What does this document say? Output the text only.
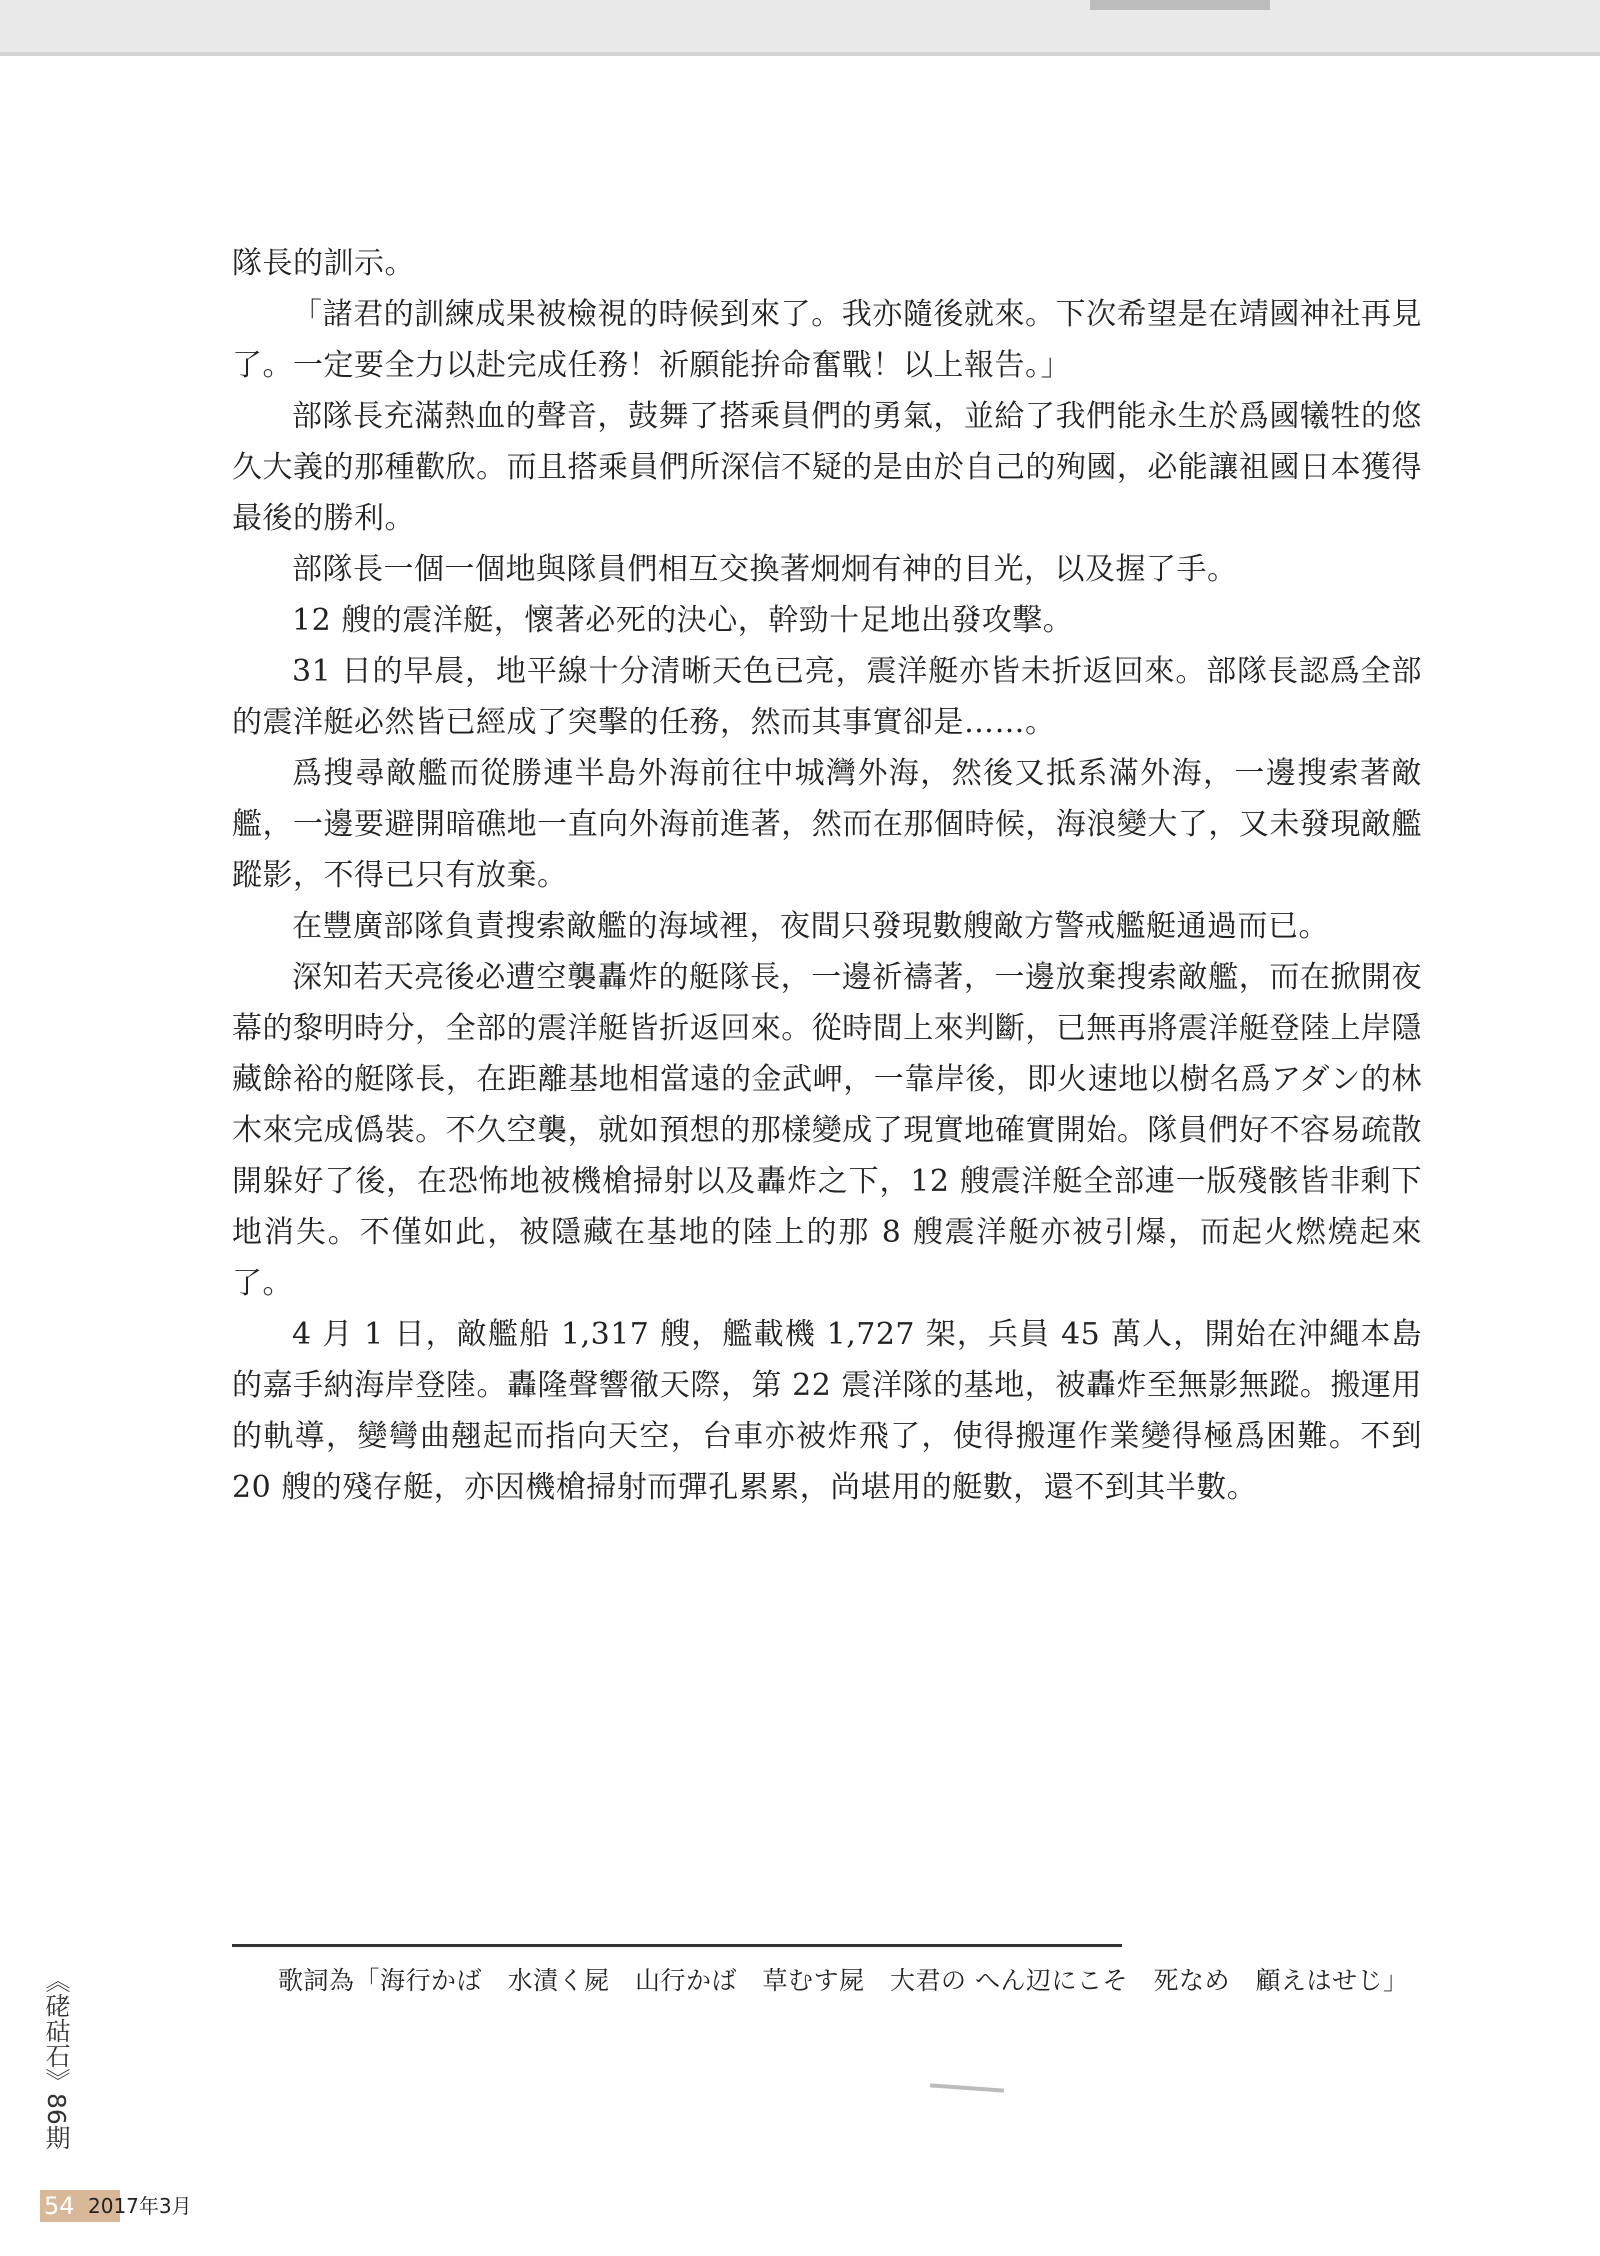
隊長的訓示。

「諸君的訓練成果被檢視的時候到來了。我亦隨後就來。下次希望是在靖國神社再見了。一定要全力以赴完成任務！祈願能拚命奮戰！以上報告。」

部隊長充滿熱血的聲音，鼓舞了搭乘員們的勇氣，並給了我們能永生於爲國犧牲的悠久大義的那種歡欣。而且搭乘員們所深信不疑的是由於自己的殉國，必能讓祖國日本獲得最後的勝利。

部隊長一個一個地與隊員們相互交換著炯炯有神的目光，以及握了手。

12 艘的震洋艇，懷著必死的決心，幹勁十足地出發攻擊。

31 日的早晨，地平線十分清晰天色已亮，震洋艇亦皆未折返回來。部隊長認爲全部的震洋艇必然皆已經成了突擊的任務，然而其事實卻是……。

爲搜尋敵艦而從勝連半島外海前往中城灣外海，然後又抵系滿外海，一邊搜索著敵艦，一邊要避開暗礁地一直向外海前進著，然而在那個時候，海浪變大了，又未發現敵艦蹤影，不得已只有放棄。

在豐廣部隊負責搜索敵艦的海域裡，夜間只發現數艘敵方警戒艦艇通過而已。

深知若天亮後必遭空襲轟炸的艇隊長，一邊祈禱著，一邊放棄搜索敵艦，而在掀開夜幕的黎明時分，全部的震洋艇皆折返回來。從時間上來判斷，已無再將震洋艇登陸上岸隱藏餘裕的艇隊長，在距離基地相當遠的金武岬，一靠岸後，即火速地以樹名爲アダン的林木來完成僞裝。不久空襲，就如預想的那樣變成了現實地確實開始。隊員們好不容易疏散開躲好了後，在恐怖地被機槍掃射以及轟炸之下，12 艘震洋艇全部連一版殘骸皆非剩下地消失。不僅如此，被隱藏在基地的陸上的那 8 艘震洋艇亦被引爆，而起火燃燒起來了。

4 月 1 日，敵艦船 1,317 艘，艦載機 1,727 架，兵員 45 萬人，開始在沖繩本島的嘉手納海岸登陸。轟隆聲響徹天際，第 22 震洋隊的基地，被轟炸至無影無蹤。搬運用的軌導，變彎曲翹起而指向天空，台車亦被炸飛了，使得搬運作業變得極爲困難。不到 20 艘的殘存艇，亦因機槍掃射而彈孔累累，尚堪用的艇數，還不到其半數。

歌詞為「海行かば　水漬く屍　山行かば　草むす屍　大君の へん辺にこそ　死なめ　顧えはせじ」

《硓𥑮石》86期
54 2017年3月
